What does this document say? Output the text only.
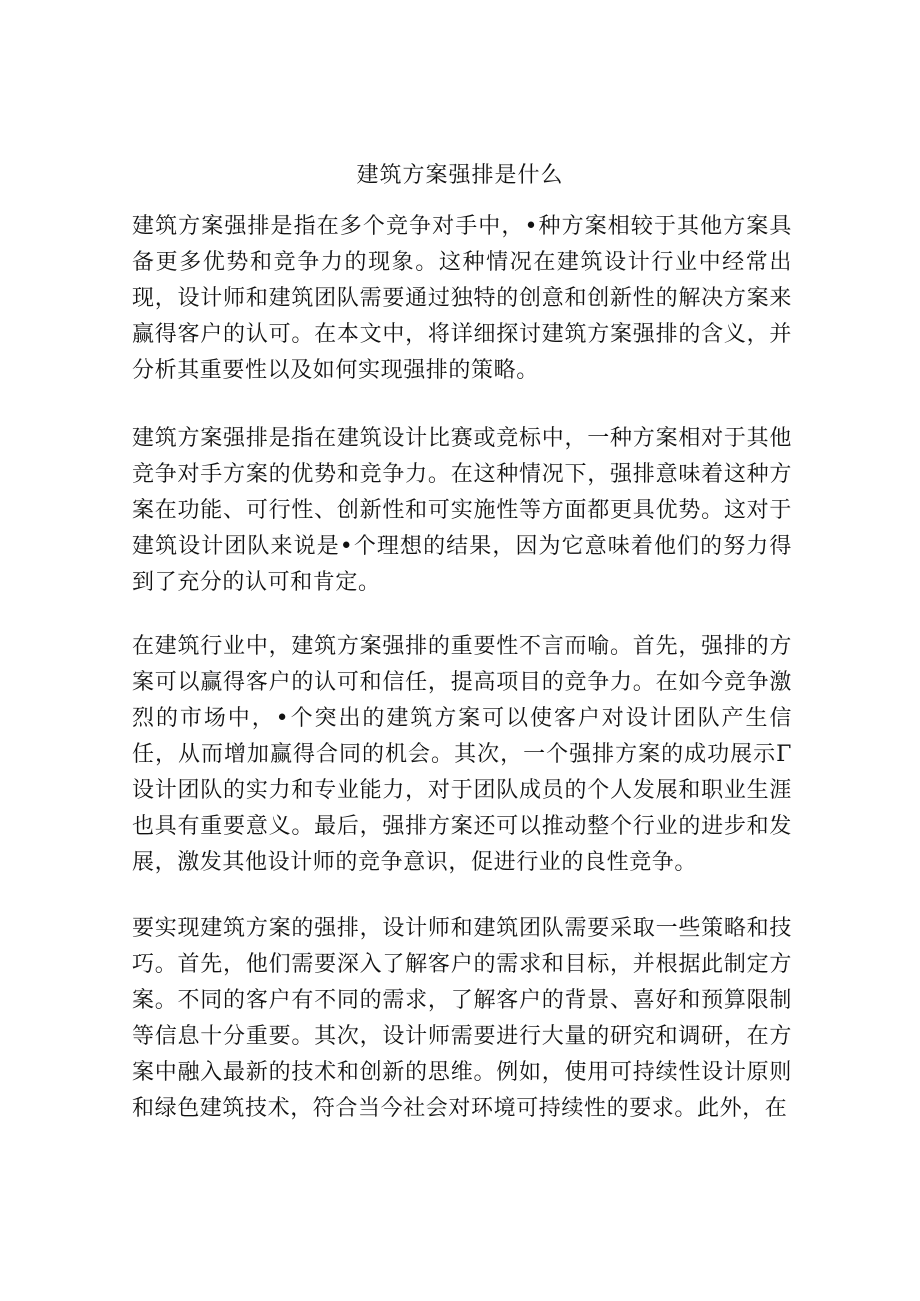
建筑方案强排是什么

建筑方案强排是指在多个竞争对手中，•种方案相较于其他方案具备更多优势和竞争力的现象。这种情况在建筑设计行业中经常出现，设计师和建筑团队需要通过独特的创意和创新性的解决方案来赢得客户的认可。在本文中，将详细探讨建筑方案强排的含义，并分析其重要性以及如何实现强排的策略。

建筑方案强排是指在建筑设计比赛或竞标中，一种方案相对于其他竞争对手方案的优势和竞争力。在这种情况下，强排意味着这种方案在功能、可行性、创新性和可实施性等方面都更具优势。这对于建筑设计团队来说是•个理想的结果，因为它意味着他们的努力得到了充分的认可和肯定。

在建筑行业中，建筑方案强排的重要性不言而喻。首先，强排的方案可以赢得客户的认可和信任，提高项目的竞争力。在如今竞争激烈的市场中，•个突出的建筑方案可以使客户对设计团队产生信任，从而增加赢得合同的机会。其次，一个强排方案的成功展示Γ设计团队的实力和专业能力，对于团队成员的个人发展和职业生涯也具有重要意义。最后，强排方案还可以推动整个行业的进步和发展，激发其他设计师的竞争意识，促进行业的良性竞争。

要实现建筑方案的强排，设计师和建筑团队需要采取一些策略和技巧。首先，他们需要深入了解客户的需求和目标，并根据此制定方案。不同的客户有不同的需求，了解客户的背景、喜好和预算限制等信息十分重要。其次，设计师需要进行大量的研究和调研，在方案中融入最新的技术和创新的思维。例如，使用可持续性设计原则和绿色建筑技术，符合当今社会对环境可持续性的要求。此外，在
